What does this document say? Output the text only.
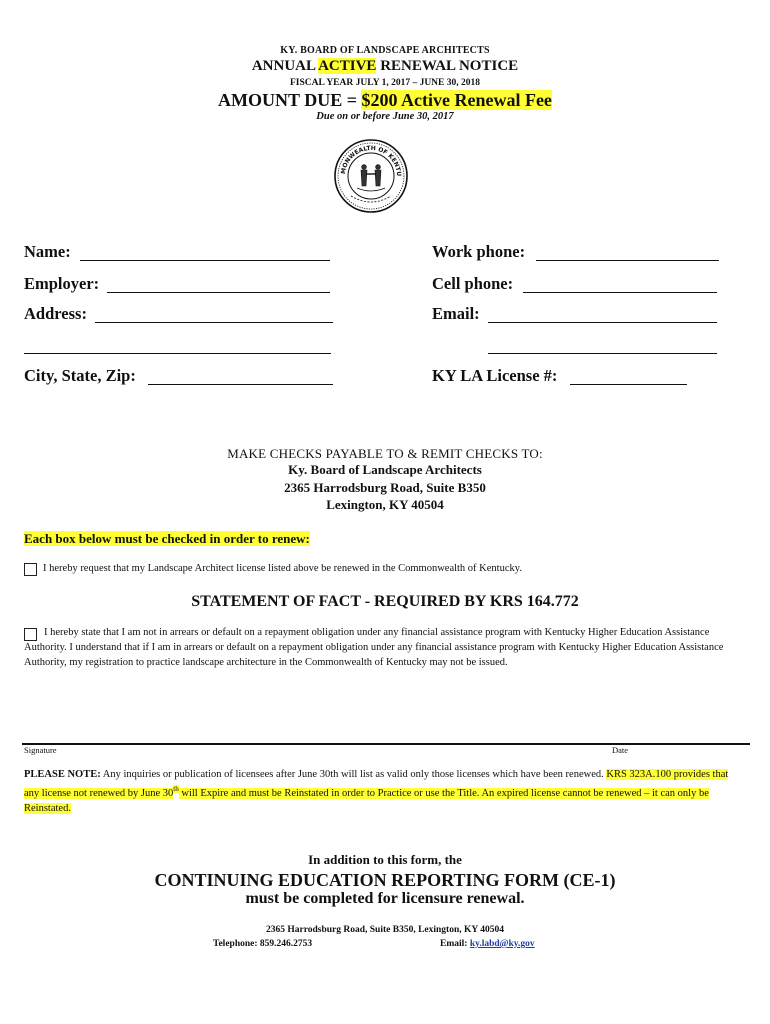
KY. BOARD OF LANDSCAPE ARCHITECTS
ANNUAL ACTIVE RENEWAL NOTICE
FISCAL YEAR JULY 1, 2017 – JUNE 30, 2018
AMOUNT DUE = $200 Active Renewal Fee
Due on or before June 30, 2017
MONWEALTH OF KENTU
Name:
Employer:
Address:
City, State, Zip:
Work phone:
Cell phone:
Email:
KY LA License #:
MAKE CHECKS PAYABLE TO & REMIT CHECKS TO:
Ky. Board of Landscape Architects
2365 Harrodsburg Road, Suite B350
Lexington, KY 40504
Each box below must be checked in order to renew:
I hereby request that my Landscape Architect license listed above be renewed in the Commonwealth of Kentucky.
STATEMENT OF FACT - REQUIRED BY KRS 164.772
I hereby state that I am not in arrears or default on a repayment obligation under any financial assistance program with Kentucky Higher Education Assistance Authority. I understand that if I am in arrears or default on a repayment obligation under any financial assistance program with Kentucky Higher Education Assistance Authority, my registration to practice landscape architecture in the Commonwealth of Kentucky may not be issued.
Signature	Date
PLEASE NOTE: Any inquiries or publication of licensees after June 30th will list as valid only those licenses which have been renewed. KRS 323A.100 provides that any license not renewed by June 30th will Expire and must be Reinstated in order to Practice or use the Title. An expired license cannot be renewed – it can only be Reinstated.
In addition to this form, the
CONTINUING EDUCATION REPORTING FORM (CE-1)
must be completed for licensure renewal.
2365 Harrodsburg Road, Suite B350, Lexington, KY 40504
Telephone: 859.246.2753	Email: ky.labd@ky.gov
